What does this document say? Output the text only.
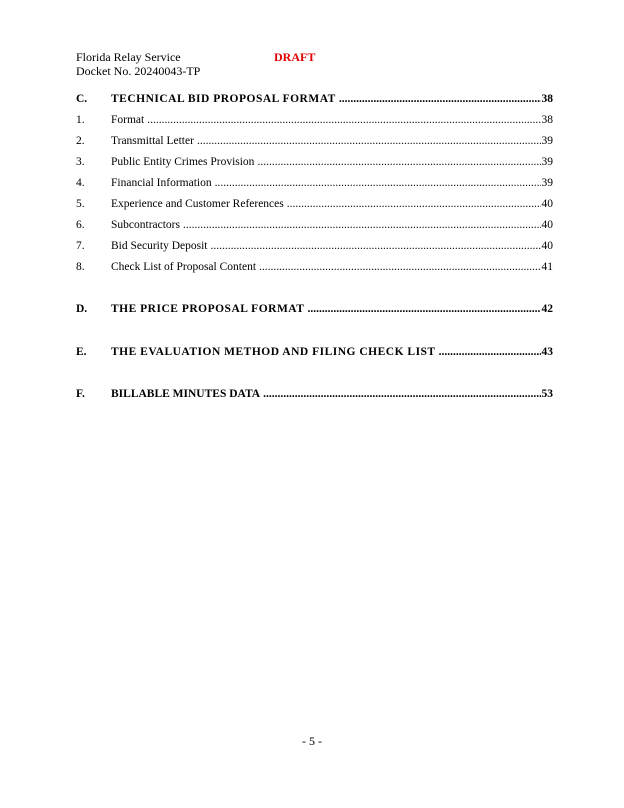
Florida Relay Service
Docket No. 20240043-TP
DRAFT
C.	TECHNICAL BID PROPOSAL FORMAT .....	38
1.	Format .....	38
2.	Transmittal Letter .....	39
3.	Public Entity Crimes Provision .....	39
4.	Financial Information .....	39
5.	Experience and Customer References .....	40
6.	Subcontractors .....	40
7.	Bid Security Deposit .....	40
8.	Check List of Proposal Content .....	41
D.	THE PRICE PROPOSAL FORMAT .....	42
E.	THE EVALUATION METHOD AND FILING CHECK LIST .....	43
F.	BILLABLE MINUTES DATA .....	53
- 5 -
